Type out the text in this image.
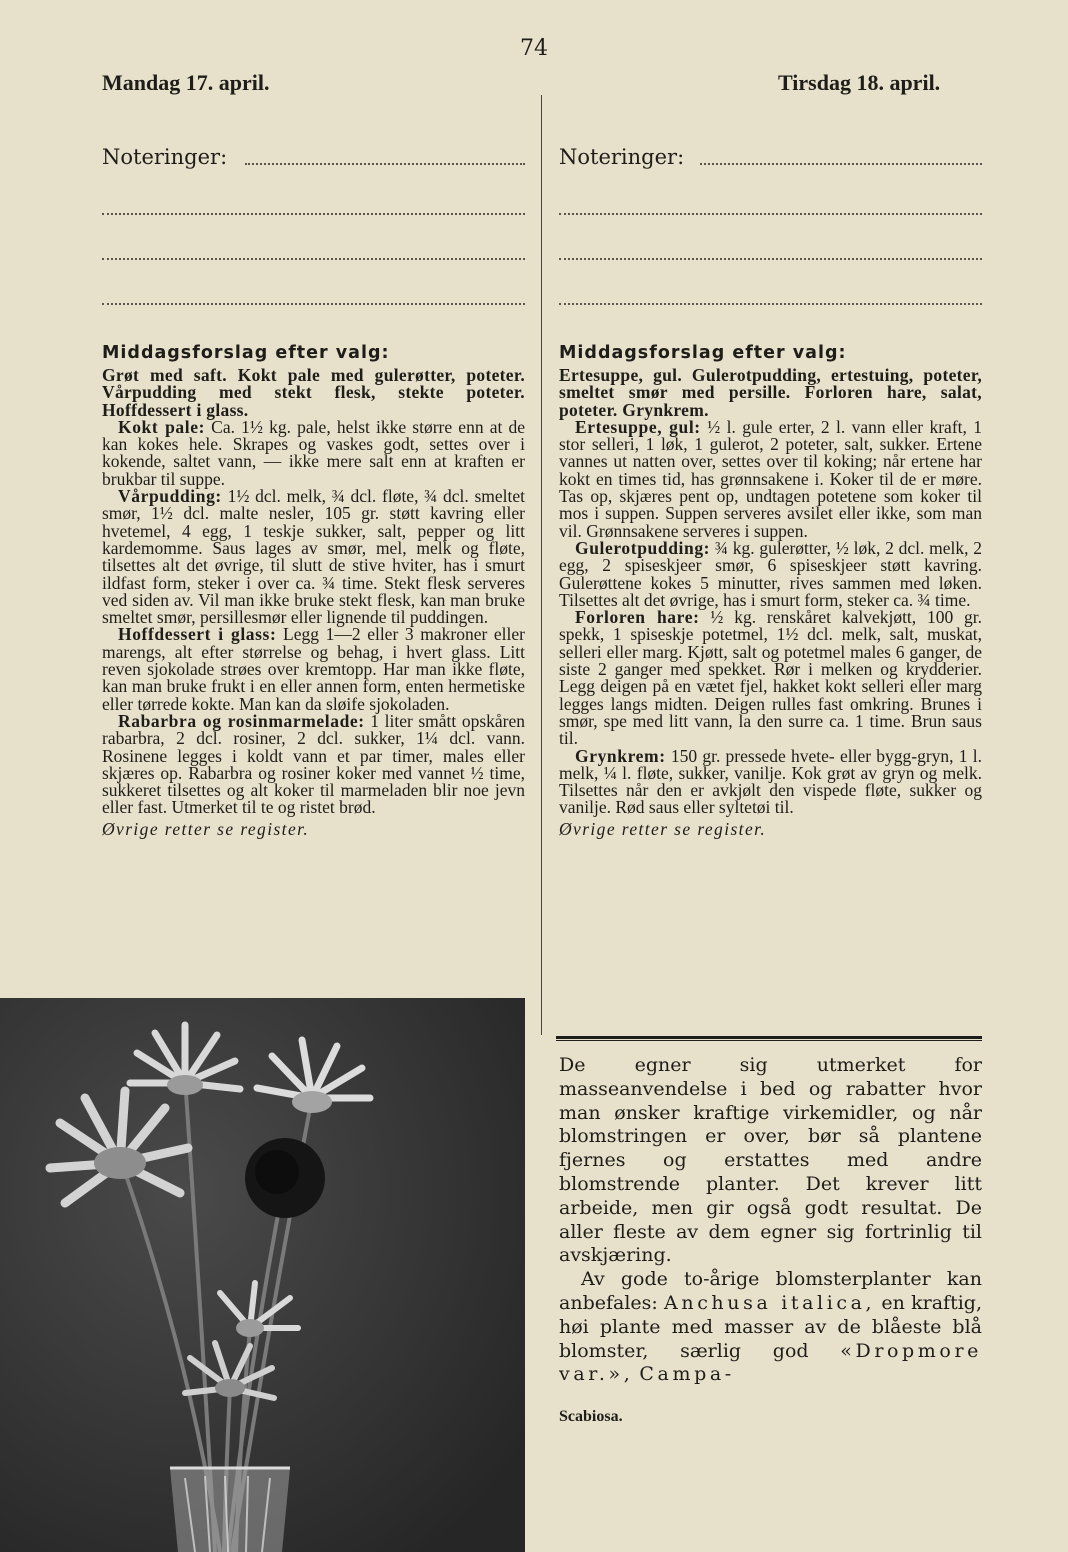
74
Mandag 17. april.	Tirsdag 18. april.
Noteringer:	Noteringer:
Middagsforslag efter valg:	Middagsforslag efter valg:

Grøt med saft. Kokt pale med gulerøtter, poteter. Vårpudding med stekt flesk, stekte poteter. Hoffdessert i glass.

Kokt pale: Ca. 1½ kg. pale, helst ikke større enn at de kan kokes hele. Skrapes og vaskes godt, settes over i kokende, saltet vann, — ikke mere salt enn at kraften er brukbar til suppe.

Vårpudding: 1½ dcl. melk, ¾ dcl. fløte, ¾ dcl. smeltet smør, 1½ dcl. malte nesler, 105 gr. støtt kavring eller hvetemel, 4 egg, 1 teskje sukker, salt, pepper og litt kardemomme. Saus lages av smør, mel, melk og fløte, tilsettes alt det øvrige, til slutt de stive hviter, has i smurt ildfast form, steker i over ca. ¾ time. Stekt flesk serveres ved siden av. Vil man ikke bruke stekt flesk, kan man bruke smeltet smør, persillesmør eller lignende til puddingen.

Hoffdessert i glass: Legg 1—2 eller 3 makroner eller marengs, alt efter størrelse og behag, i hvert glass. Litt reven sjokolade strøes over kremtopp. Har man ikke fløte, kan man bruke frukt i en eller annen form, enten hermetiske eller tørrede kokte. Man kan da sløife sjokoladen.

Rabarbra og rosinmarmelade: 1 liter smått opskåren rabarbra, 2 dcl. rosiner, 2 dcl. sukker, 1¼ dcl. vann. Rosinene legges i koldt vann et par timer, males eller skjæres op. Rabarbra og rosiner koker med vannet ½ time, sukkeret tilsettes og alt koker til marmeladen blir noe jevn eller fast. Utmerket til te og ristet brød.

Øvrige retter se register.

Ertesuppe, gul. Gulerotpudding, ertestuing, poteter, smeltet smør med persille. Forloren hare, salat, poteter. Grynkrem.

Ertesuppe, gul: ½ l. gule erter, 2 l. vann eller kraft, 1 stor selleri, 1 løk, 1 gulerot, 2 poteter, salt, sukker. Ertene vannes ut natten over, settes over til koking; når ertene har kokt en times tid, has grønnsakene i. Koker til de er møre. Tas op, skjæres pent op, undtagen potetene som koker til mos i suppen. Suppen serveres avsilet eller ikke, som man vil. Grønnsakene serveres i suppen.

Gulerotpudding: ¾ kg. gulerøtter, ½ løk, 2 dcl. melk, 2 egg, 2 spiseskjeer smør, 6 spiseskjeer støtt kavring. Gulerøttene kokes 5 minutter, rives sammen med løken. Tilsettes alt det øvrige, has i smurt form, steker ca. ¾ time.

Forloren hare: ½ kg. renskåret kalvekjøtt, 100 gr. spekk, 1 spiseskje potetmel, 1½ dcl. melk, salt, muskat, selleri eller marg. Kjøtt, salt og potetmel males 6 ganger, de siste 2 ganger med spekket. Rør i melken og krydderier. Legg deigen på en vætet fjel, hakket kokt selleri eller marg legges langs midten. Deigen rulles fast omkring. Brunes i smør, spe med litt vann, la den surre ca. 1 time. Brun saus til.

Grynkrem: 150 gr. pressede hvete- eller bygg-gryn, 1 l. melk, ¼ l. fløte, sukker, vanilje. Kok grøt av gryn og melk. Tilsettes når den er avkjølt den vispede fløte, sukker og vanilje. Rød saus eller syltetøi til.

Øvrige retter se register.

De egner sig utmerket for masseanvendelse i bed og rabatter hvor man ønsker kraftige virkemidler, og når blomstringen er over, bør så plantene fjernes og erstattes med andre blomstrende planter. Det krever litt arbeide, men gir også godt resultat. De aller fleste av dem egner sig fortrinlig til avskjæring.

Av gode to-årige blomsterplanter kan anbefales: Anchusa italica, en kraftig, høi plante med masser av de blåeste blå blomster, særlig god «Dropmore var.», Campa-

Scabiosa.
